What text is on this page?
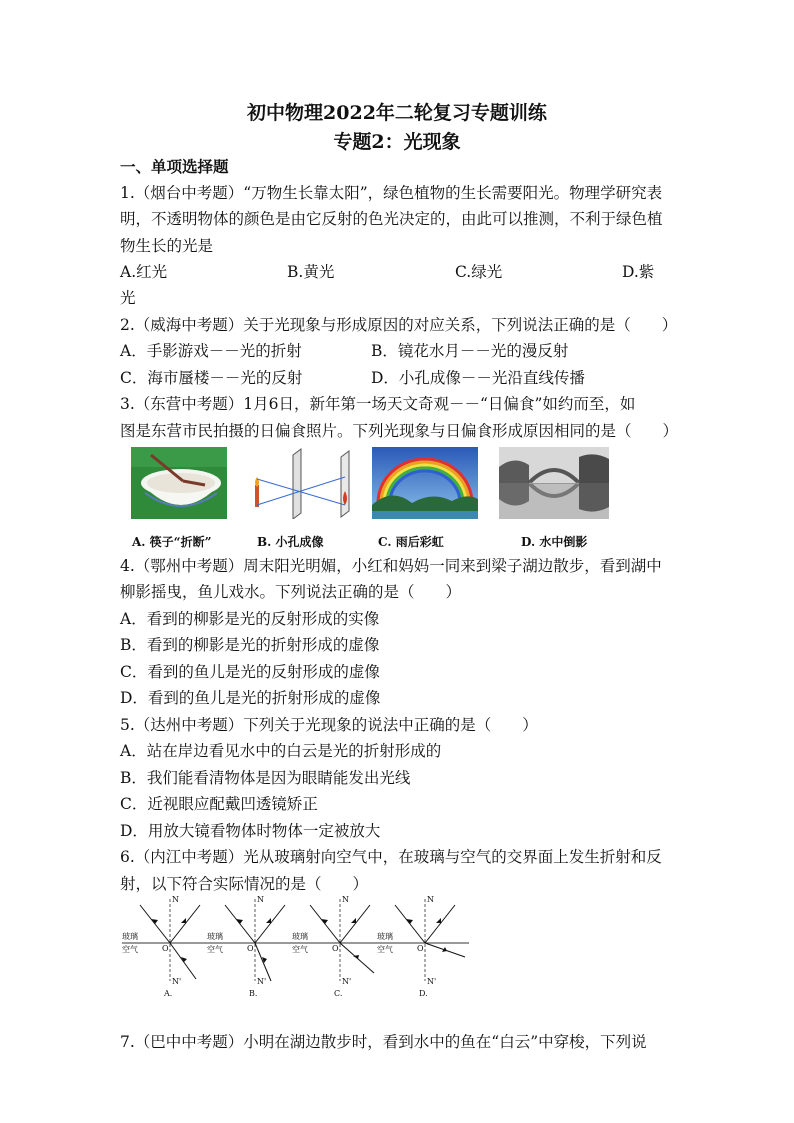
初中物理2022年二轮复习专题训练
专题2：光现象
一、单项选择题
1.（烟台中考题）“万物生长靠太阳”，绿色植物的生长需要阳光。物理学研究表
明，不透明物体的颜色是由它反射的色光决定的，由此可以推测，不利于绿色植
物生长的光是
A.红光	B.黄光	C.绿光	D.紫
光
2.（威海中考题）关于光现象与形成原因的对应关系，下列说法正确的是（　　）
A．手影游戏－－光的折射	B．镜花水月－－光的漫反射
C．海市蜃楼－－光的反射	D．小孔成像－－光沿直线传播
3.（东营中考题）1月6日，新年第一场天文奇观－－“日偏食”如约而至，如
图是东营市民拍摄的日偏食照片。下列光现象与日偏食形成原因相同的是（　　）
A. 筷子“折断”	B. 小孔成像	C. 雨后彩虹	D. 水中倒影
4.（鄂州中考题）周末阳光明媚，小红和妈妈一同来到梁子湖边散步，看到湖中
柳影摇曳，鱼儿戏水。下列说法正确的是（　　）
A．看到的柳影是光的反射形成的实像
B．看到的柳影是光的折射形成的虚像
C．看到的鱼儿是光的反射形成的虚像
D．看到的鱼儿是光的折射形成的虚像
5.（达州中考题）下列关于光现象的说法中正确的是（　　）
A．站在岸边看见水中的白云是光的折射形成的
B．我们能看清物体是因为眼睛能发出光线
C．近视眼应配戴凹透镜矫正
D．用放大镜看物体时物体一定被放大
6.（内江中考题）光从玻璃射向空气中，在玻璃与空气的交界面上发生折射和反
射，以下符合实际情况的是（　　）
N
玻璃
空气	O
N'
A.
N
玻璃
空气	O
N'
B.
N
玻璃
空气	O
N'
C.
N
玻璃
空气	O
N'
D.
7.（巴中中考题）小明在湖边散步时，看到水中的鱼在“白云”中穿梭，下列说
